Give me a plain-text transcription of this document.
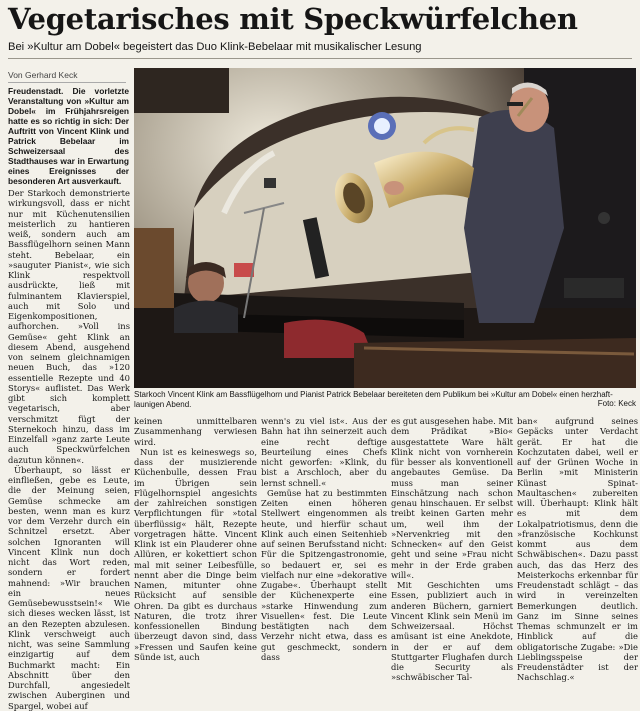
Vegetarisches mit Speckwürfelchen
Bei »Kultur am Dobel« begeistert das Duo Klink-Bebelaar mit musikalischer Lesung
Von Gerhard Keck
Freudenstadt. Die vorletzte Veranstaltung von »Kultur am Dobel« im Frühjahrsreigen hatte es so richtig in sich: Der Auftritt von Vincent Klink und Patrick Bebelaar im Schweizersaal des Stadthauses war in Erwartung eines Ereignisses der besonderen Art ausverkauft.

Der Starkoch demonstrierte wirkungsvoll, dass er nicht nur mit Küchenutensilien meisterlich zu hantieren weiß, sondern auch am Bassflügelhorn seinen Mann steht. Bebelaar, ein »sauguter Pianist«, wie sich Klink respektvoll ausdrückte, ließ mit fulminantem Klavierspiel, auch mit Solo und Eigenkompositionen, aufhorchen. »Voll ins Gemüse« geht Klink an diesem Abend, ausgehend von seinem gleichnamigen neuen Buch, das »120 essentielle Rezepte und 40 Storys« auflistet. Das Werk gibt sich komplett vegetarisch, aber verschmitzt fügt der Sternekoch hinzu, dass im Einzelfall »ganz zarte Leute auch Speckwürfelchen dazutun können«.

Überhaupt, so lässt er einfließen, gebe es Leute, die der Meinung seien, Gemüse schmecke am besten, wenn man es kurz vor dem Verzehr durch ein Schnitzel ersetzt. Aber solchen Ignoranten will Vincent Klink nun doch nicht das Wort reden, sondern er fordert mahnend: »Wir brauchen ein neues Gemüsebewusstsein!« Wie sich dieses wecken lässt, ist an den Rezepten abzulesen. Klink verschweigt auch nicht, was seine Sammlung einzigartig auf dem Buchmarkt macht: Ein Abschnitt über den Durchfall, angesiedelt zwischen Auberginen und Spargel, wobei auf

Starkoch Vincent Klink am Bassflügelhorn und Pianist Patrick Bebelaar bereiteten dem Publikum bei »Kultur am Dobel« einen herzhaft-launigen Abend.	Foto: Keck

keinen unmittelbaren Zusammenhang verwiesen wird.

Nun ist es keineswegs so, dass der musizierende Küchenbulle, dessen Frau im Übrigen sein Flügelhornspiel angesichts der zahlreichen sonstigen Verpflichtungen für »total überflüssig« hält, Rezepte vorgetragen hätte. Vincent Klink ist ein Plauderer ohne Allüren, er kokettiert schon mal mit seiner Leibesfülle, nennt aber die Dinge beim Namen, mitunter ohne Rücksicht auf sensible Ohren. Da gibt es durchaus Naturen, die trotz ihrer konfessionellen Bindung überzeugt davon sind, dass »Fressen und Saufen keine Sünde ist, auch

wenn's zu viel ist«. Aus der Bahn hat ihn seinerzeit auch eine recht deftige Beurteilung eines Chefs nicht geworfen: »Klink, du bist a Arschloch, aber du lernst schnell.«

Gemüse hat zu bestimmten Zeiten einen höheren Stellwert eingenommen als heute, und hierfür schaut Klink auch einen Seitenhieb auf seinen Berufsstand nicht: Für die Spitzengastronomie, so bedauert er, sei es vielfach nur eine »dekorative Zugabe«. Überhaupt stellt der Küchenexperte eine »starke Hinwendung zum Visuellen« fest. Die Leute bestätigten nach dem Verzehr nicht etwa, dass es gut geschmeckt, sondern dass

es gut ausgesehen habe. Mit dem Prädikat »Bio« ausgestattete Ware hält Klink nicht von vornherein für besser als konventionell angebautes Gemüse. Da muss man seiner Einschätzung nach schon genau hinschauen. Er selbst treibt keinen Garten mehr um, weil ihm der »Nervenkrieg mit den Schnecken« auf den Geist geht und seine »Frau nicht mehr in der Erde graben will«.

Mit Geschichten ums Essen, publiziert auch in anderen Büchern, garniert Vincent Klink sein Menü im Schweizersaal. Höchst amüsant ist eine Anekdote, in der er auf dem Stuttgarter Flughafen durch die Security als »schwäbischer Tal-

ban« aufgrund seines Gepäcks unter Verdacht gerät. Er hat die Kochzutaten dabei, weil er auf der Grünen Woche in Berlin »mit Ministerin Künast Spinat-Maultaschen« zubereiten will. Überhaupt: Klink hält es mit dem Lokalpatriotismus, denn die »französische Kochkunst kommt aus dem Schwäbischen«. Dazu passt auch, das das Herz des Meisterkochs erkennbar für Freudenstadt schlägt – das wird in vereinzelten Bemerkungen deutlich. Ganz im Sinne seines Themas schmunzelt er im Hinblick auf die obligatorische Zugabe: »Die Lieblingsspeise der Freudenstädter ist der Nachschlag.«
